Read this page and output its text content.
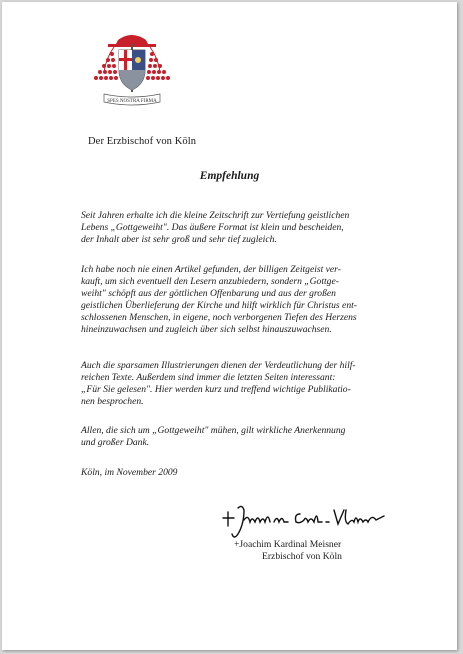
SPES NOSTRA FIRMA
Der Erzbischof von Köln
Empfehlung
Seit Jahren erhalte ich die kleine Zeitschrift zur Vertiefung geistlichen
Lebens „Gottgeweiht". Das äußere Format ist klein und bescheiden,
der Inhalt aber ist sehr groß und sehr tief zugleich.
Ich habe noch nie einen Artikel gefunden, der billigen Zeitgeist ver-
kauft, um sich eventuell den Lesern anzubiedern, sondern „Gottge-
weiht" schöpft aus der göttlichen Offenbarung und aus der großen
geistlichen Überlieferung der Kirche und hilft wirklich für Christus ent-
schlossenen Menschen, in eigene, noch verborgenen Tiefen des Herzens
hineinzuwachsen und zugleich über sich selbst hinauszuwachsen.
Auch die sparsamen Illustrierungen dienen der Verdeutlichung der hilf-
reichen Texte. Außerdem sind immer die letzten Seiten interessant:
„Für Sie gelesen". Hier werden kurz und treffend wichtige Publikatio-
nen besprochen.
Allen, die sich um „Gottgeweiht" mühen, gilt wirkliche Anerkennung
und großer Dank.
Köln, im November 2009
+Joachim Kardinal Meisner
Erzbischof von Köln
